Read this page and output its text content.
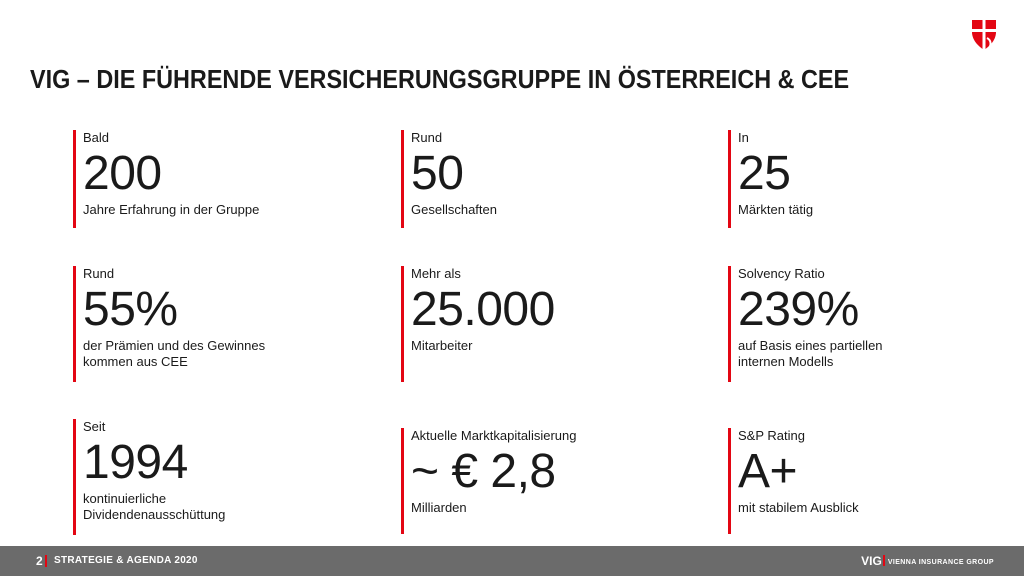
VIG – DIE FÜHRENDE VERSICHERUNGSGRUPPE IN ÖSTERREICH & CEE
Bald
200
Jahre Erfahrung in der Gruppe
Rund
50
Gesellschaften
In
25
Märkten tätig
Rund
55%
der Prämien und des Gewinnes
kommen aus CEE
Mehr als
25.000
Mitarbeiter
Solvency Ratio
239%
auf Basis eines partiellen
internen Modells
Seit
1994
kontinuierliche
Dividendenausschüttung
Aktuelle Marktkapitalisierung
~ € 2,8
Milliarden
S&P Rating
A+
mit stabilem Ausblick
2 STRATEGIE & AGENDA 2020	VIG VIENNA INSURANCE GROUP
